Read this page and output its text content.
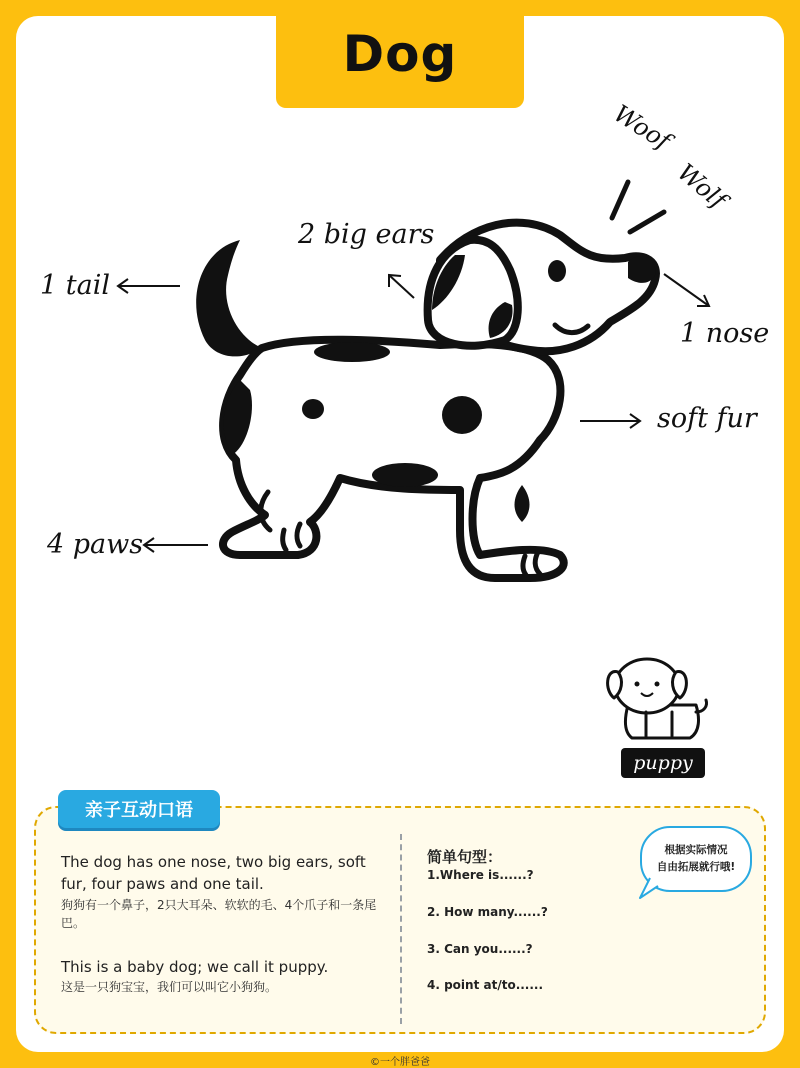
Dog
Woof
Wolf
1 tail
2 big ears
1 nose
soft fur
4 paws
puppy
亲子互动口语
The dog has one nose, two big ears, soft fur, four paws and one tail.
狗狗有一个鼻子，2只大耳朵、软软的毛、4个爪子和一条尾巴。
This is a baby dog; we call it puppy.
这是一只狗宝宝，我们可以叫它小狗狗。
简单句型：
1.Where is......?
2. How many......?
3. Can you......?
4. point at/to......
根据实际情况
自由拓展就行哦!
©一个胖爸爸
